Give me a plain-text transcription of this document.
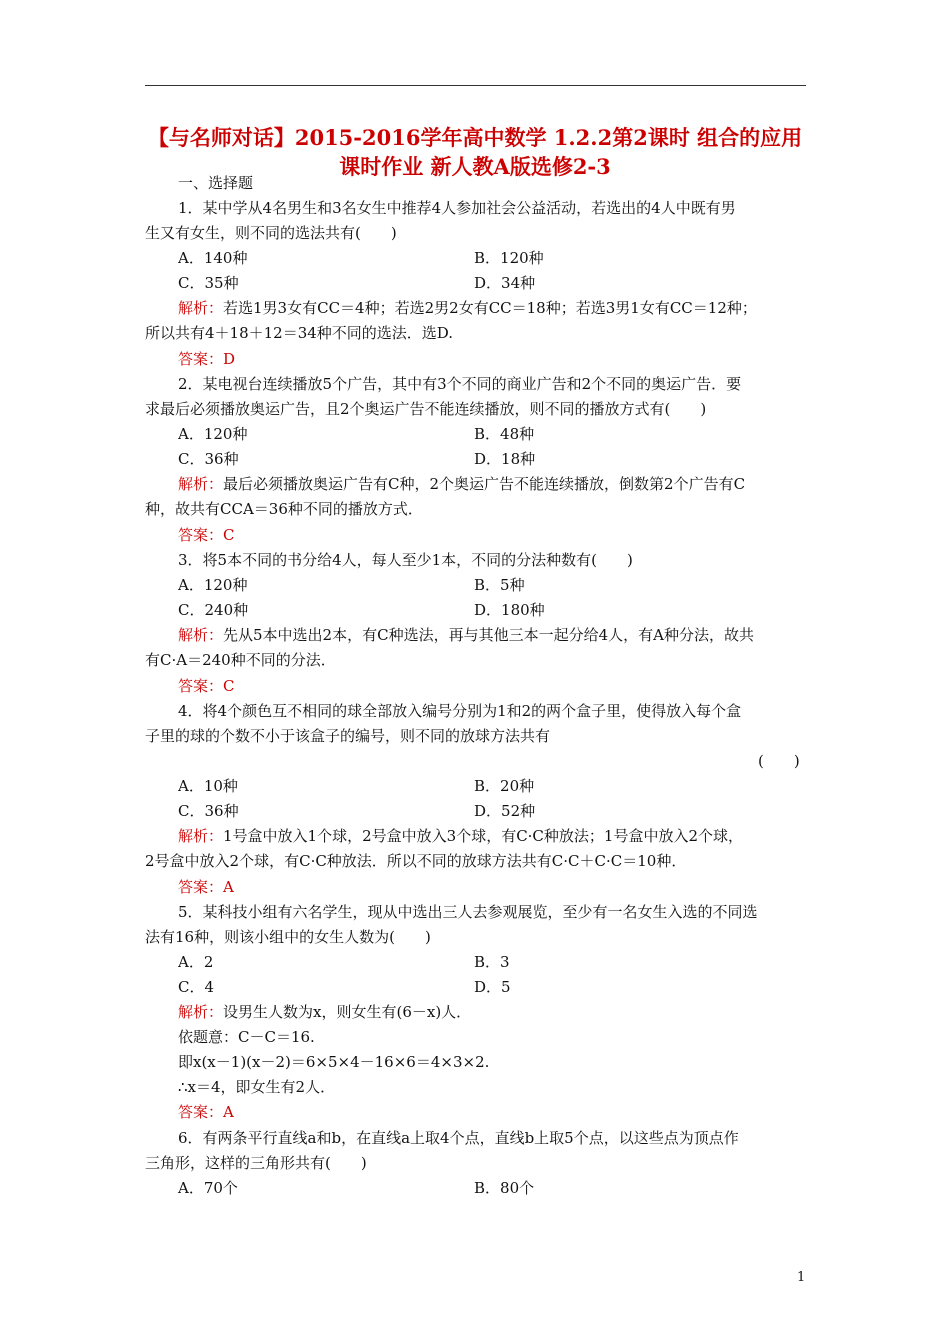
【与名师对话】2015-2016学年高中数学 1.2.2第2课时 组合的应用
课时作业 新人教A版选修2-3
一、选择题
1．某中学从4名男生和3名女生中推荐4人参加社会公益活动，若选出的4人中既有男
生又有女生，则不同的选法共有(　　)
A．140种	B．120种
C．35种	D．34种
解析：若选1男3女有CC＝4种；若选2男2女有CC＝18种；若选3男1女有CC＝12种；
所以共有4＋18＋12＝34种不同的选法．选D.
答案：D
2．某电视台连续播放5个广告，其中有3个不同的商业广告和2个不同的奥运广告．要
求最后必须播放奥运广告，且2个奥运广告不能连续播放，则不同的播放方式有(　　)
A．120种	B．48种
C．36种	D．18种
解析：最后必须播放奥运广告有C种，2个奥运广告不能连续播放，倒数第2个广告有C
种，故共有CCA＝36种不同的播放方式．
答案：C
3．将5本不同的书分给4人，每人至少1本，不同的分法种数有(　　)
A．120种	B．5种
C．240种	D．180种
解析：先从5本中选出2本，有C种选法，再与其他三本一起分给4人，有A种分法，故共
有C·A＝240种不同的分法．
答案：C
4．将4个颜色互不相同的球全部放入编号分别为1和2的两个盒子里，使得放入每个盒
子里的球的个数不小于该盒子的编号，则不同的放球方法共有
(　　)
A．10种	B．20种
C．36种	D．52种
解析：1号盒中放入1个球，2号盒中放入3个球，有C·C种放法；1号盒中放入2个球，
2号盒中放入2个球，有C·C种放法．所以不同的放球方法共有C·C＋C·C＝10种．
答案：A
5．某科技小组有六名学生，现从中选出三人去参观展览，至少有一名女生入选的不同选
法有16种，则该小组中的女生人数为(　　)
A．2	B．3
C．4	D．5
解析：设男生人数为x，则女生有(6－x)人．
依题意：C－C＝16.
即x(x－1)(x－2)＝6×5×4－16×6＝4×3×2.
∴x＝4，即女生有2人．
答案：A
6．有两条平行直线a和b，在直线a上取4个点，直线b上取5个点，以这些点为顶点作
三角形，这样的三角形共有(　　)
A．70个	B．80个
1
